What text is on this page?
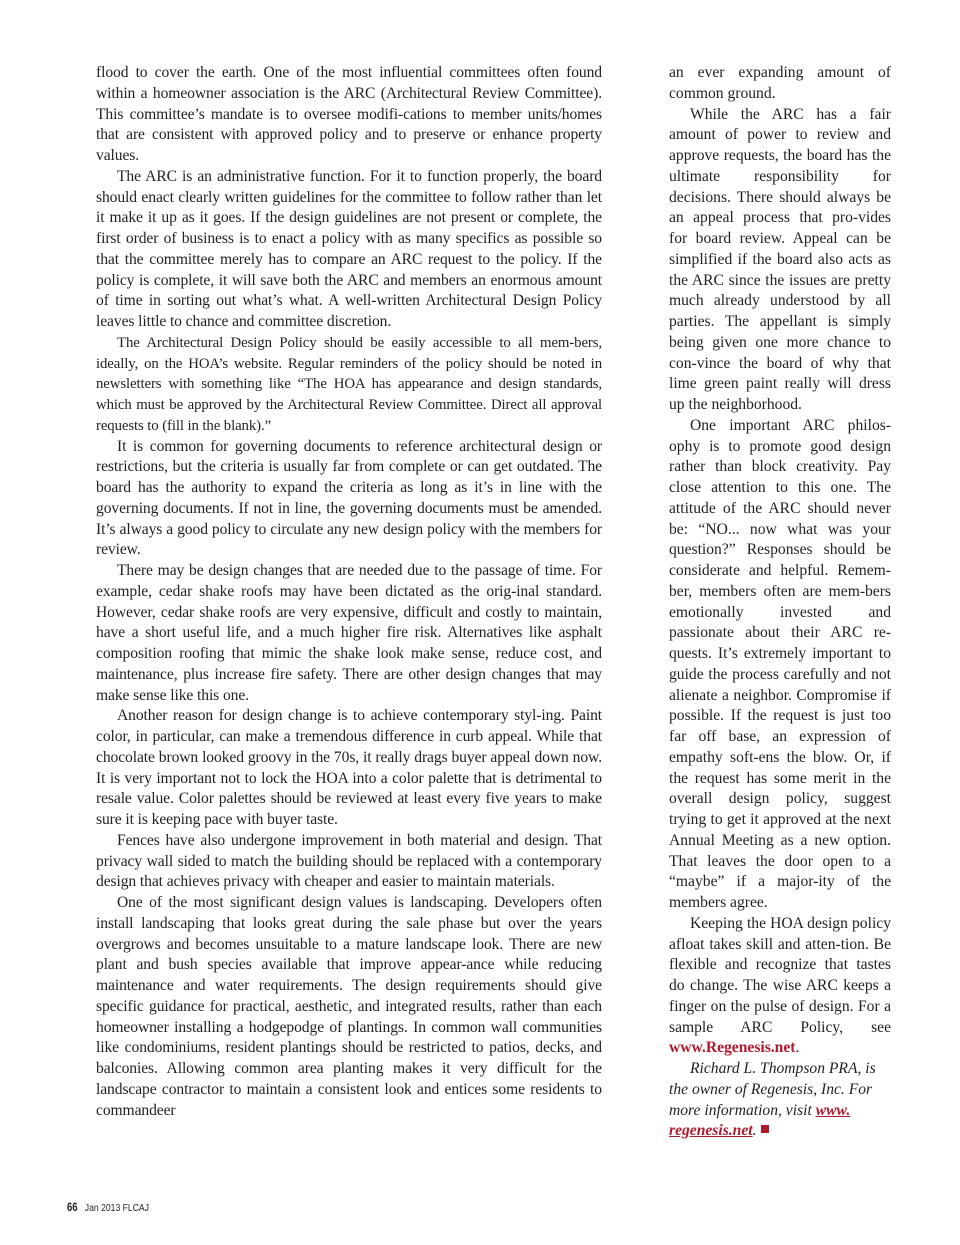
flood to cover the earth. One of the most influential committees often found within a homeowner association is the ARC (Architectural Review Committee). This committee’s mandate is to oversee modifi-cations to member units/homes that are consistent with approved policy and to preserve or enhance property values.

The ARC is an administrative function. For it to function properly, the board should enact clearly written guidelines for the committee to follow rather than let it make it up as it goes. If the design guidelines are not present or complete, the first order of business is to enact a policy with as many specifics as possible so that the committee merely has to compare an ARC request to the policy. If the policy is complete, it will save both the ARC and members an enormous amount of time in sorting out what’s what. A well-written Architectural Design Policy leaves little to chance and committee discretion.

The Architectural Design Policy should be easily accessible to all mem-bers, ideally, on the HOA’s website. Regular reminders of the policy should be noted in newsletters with something like “The HOA has appearance and design standards, which must be approved by the Architectural Review Committee. Direct all approval requests to (fill in the blank).”

It is common for governing documents to reference architectural design or restrictions, but the criteria is usually far from complete or can get outdated. The board has the authority to expand the criteria as long as it’s in line with the governing documents. If not in line, the governing documents must be amended. It’s always a good policy to circulate any new design policy with the members for review.

There may be design changes that are needed due to the passage of time. For example, cedar shake roofs may have been dictated as the orig-inal standard. However, cedar shake roofs are very expensive, difficult and costly to maintain, have a short useful life, and a much higher fire risk. Alternatives like asphalt composition roofing that mimic the shake look make sense, reduce cost, and maintenance, plus increase fire safety. There are other design changes that may make sense like this one.

Another reason for design change is to achieve contemporary styl-ing. Paint color, in particular, can make a tremendous difference in curb appeal. While that chocolate brown looked groovy in the 70s, it really drags buyer appeal down now. It is very important not to lock the HOA into a color palette that is detrimental to resale value. Color palettes should be reviewed at least every five years to make sure it is keeping pace with buyer taste.

Fences have also undergone improvement in both material and design. That privacy wall sided to match the building should be replaced with a contemporary design that achieves privacy with cheaper and easier to maintain materials.

One of the most significant design values is landscaping. Developers often install landscaping that looks great during the sale phase but over the years overgrows and becomes unsuitable to a mature landscape look. There are new plant and bush species available that improve appear-ance while reducing maintenance and water requirements. The design requirements should give specific guidance for practical, aesthetic, and integrated results, rather than each homeowner installing a hodgepodge of plantings. In common wall communities like condominiums, resident plantings should be restricted to patios, decks, and balconies. Allowing common area planting makes it very difficult for the landscape contractor to maintain a consistent look and entices some residents to commandeer

an ever expanding amount of common ground.

While the ARC has a fair amount of power to review and approve requests, the board has the ultimate responsibility for decisions. There should always be an appeal process that pro-vides for board review. Appeal can be simplified if the board also acts as the ARC since the issues are pretty much already understood by all parties. The appellant is simply being given one more chance to con-vince the board of why that lime green paint really will dress up the neighborhood.

One important ARC philos-ophy is to promote good design rather than block creativity. Pay close attention to this one. The attitude of the ARC should never be: “NO... now what was your question?” Responses should be considerate and helpful. Remem-ber, members often are mem-bers emotionally invested and passionate about their ARC re-quests. It’s extremely important to guide the process carefully and not alienate a neighbor. Compromise if possible. If the request is just too far off base, an expression of empathy soft-ens the blow. Or, if the request has some merit in the overall design policy, suggest trying to get it approved at the next Annual Meeting as a new option. That leaves the door open to a “maybe” if a major-ity of the members agree.

Keeping the HOA design policy afloat takes skill and atten-tion. Be flexible and recognize that tastes do change. The wise ARC keeps a finger on the pulse of design. For a sample ARC Policy, see www.Regenesis.net.

Richard L. Thompson PRA, is the owner of Regenesis, Inc. For more information, visit www.
regenesis.net.

66 Jan 2013 FLCAJ
